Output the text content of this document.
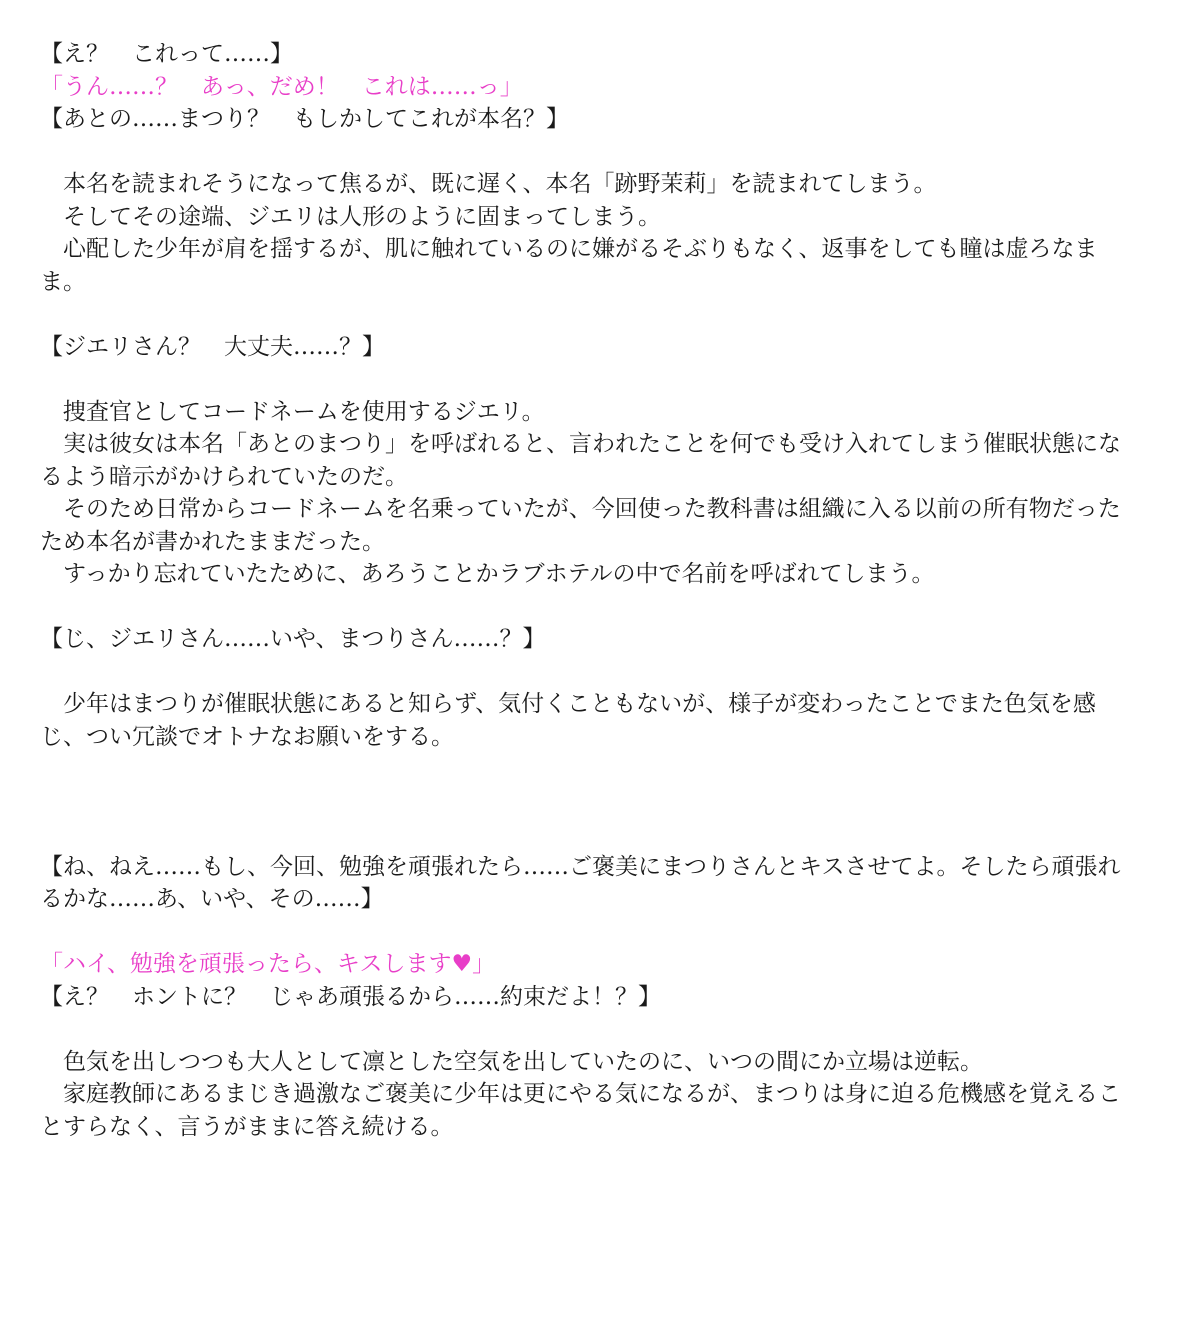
【え？　これって……】

「うん……？　あっ、だめ！　これは……っ」

【あとの……まつり？　もしかしてこれが本名？】

本名を読まれそうになって焦るが、既に遅く、本名「跡野茉莉」を読まれてしまう。

そしてその途端、ジエリは人形のように固まってしまう。

心配した少年が肩を揺するが、肌に触れているのに嫌がるそぶりもなく、返事をしても瞳は虚ろなまま。

【ジエリさん？　大丈夫……？】

捜査官としてコードネームを使用するジエリ。

実は彼女は本名「あとのまつり」を呼ばれると、言われたことを何でも受け入れてしまう催眠状態になるよう暗示がかけられていたのだ。

そのため日常からコードネームを名乗っていたが、今回使った教科書は組織に入る以前の所有物だったため本名が書かれたままだった。

すっかり忘れていたために、あろうことかラブホテルの中で名前を呼ばれてしまう。

【じ、ジエリさん……いや、まつりさん……？】

少年はまつりが催眠状態にあると知らず、気付くこともないが、様子が変わったことでまた色気を感じ、つい冗談でオトナなお願いをする。

【ね、ねえ……もし、今回、勉強を頑張れたら……ご褒美にまつりさんとキスさせてよ。そしたら頑張れるかな……あ、いや、その……】

「ハイ、勉強を頑張ったら、キスします♥」

【え？　ホントに？　じゃあ頑張るから……約束だよ！？】

色気を出しつつも大人として凛とした空気を出していたのに、いつの間にか立場は逆転。

家庭教師にあるまじき過激なご褒美に少年は更にやる気になるが、まつりは身に迫る危機感を覚えることすらなく、言うがままに答え続ける。
